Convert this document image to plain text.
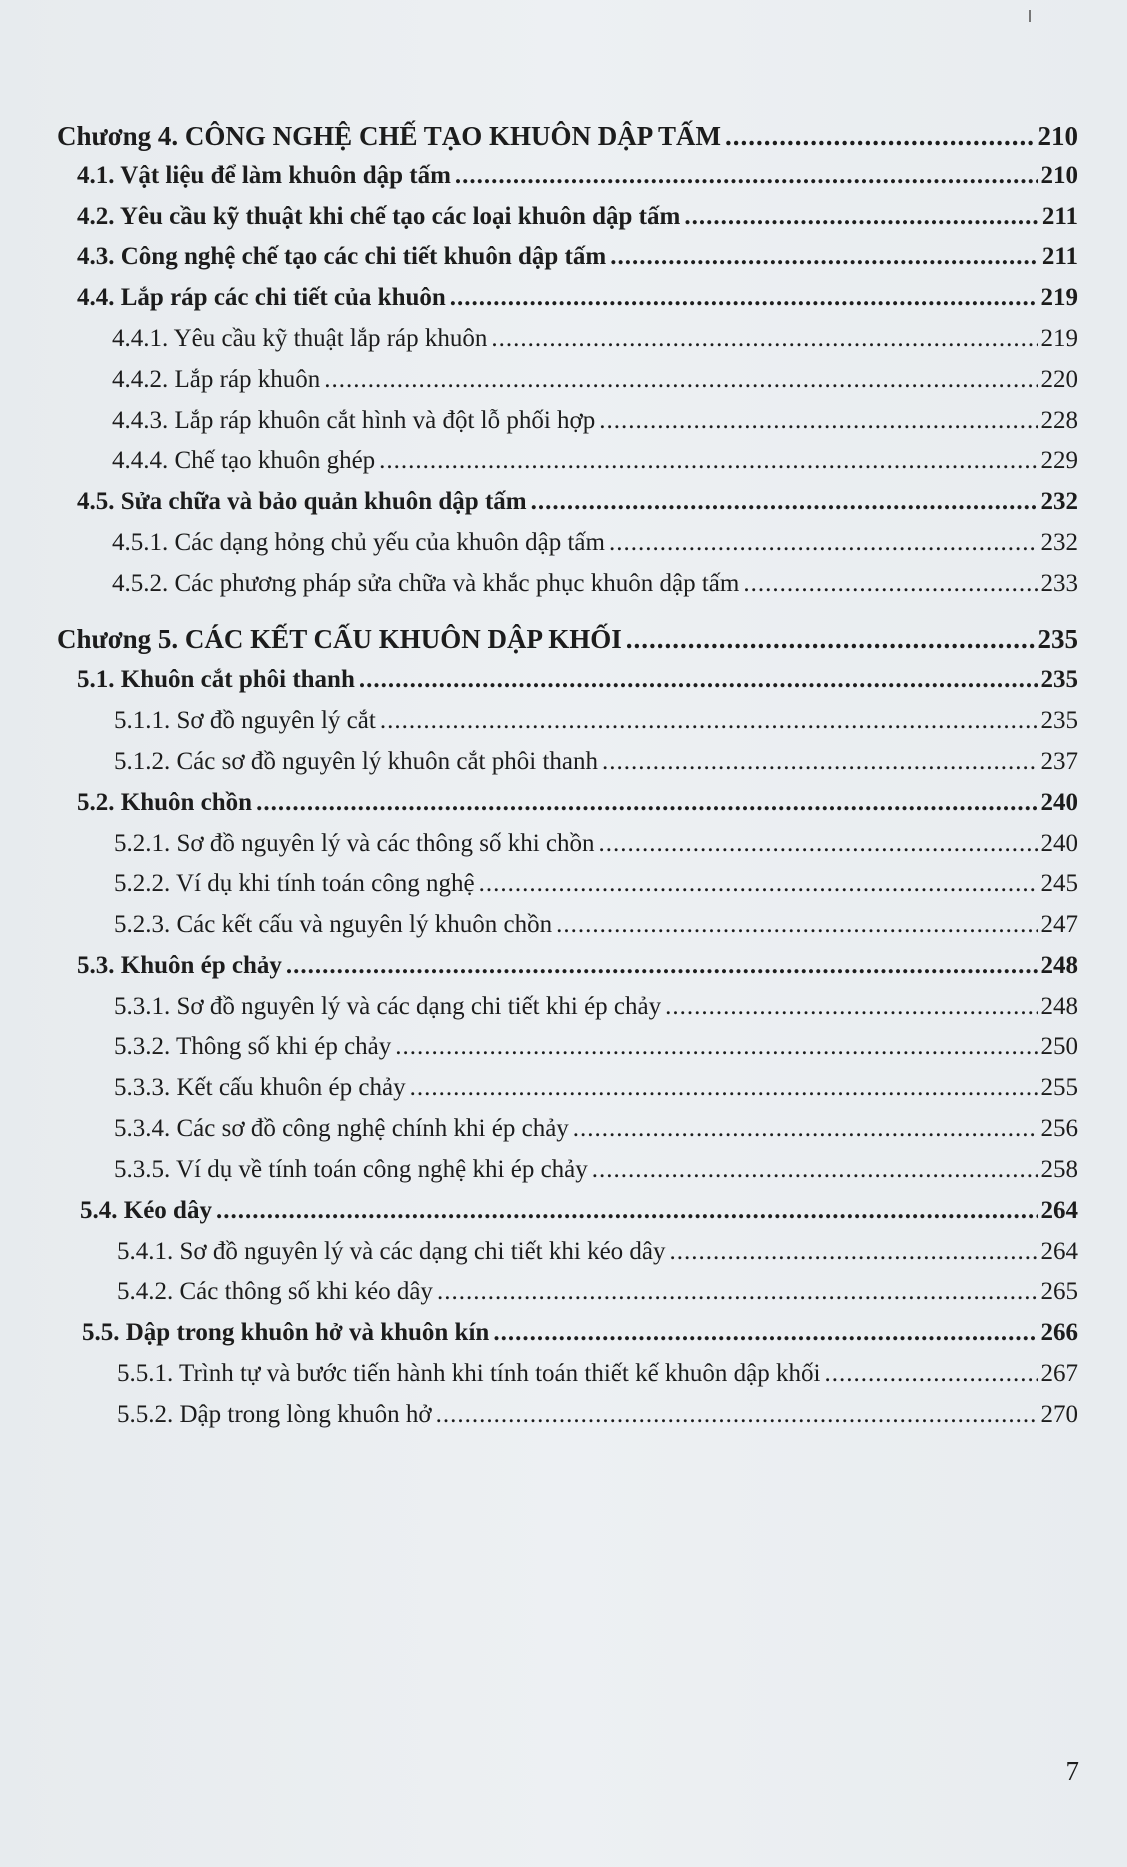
Chương 4. CÔNG NGHỆ CHẾ TẠO KHUÔN DẬP TẤM .....	210
4.1. Vật liệu để làm khuôn dập tấm .....	210
4.2. Yêu cầu kỹ thuật khi chế tạo các loại khuôn dập tấm .....	211
4.3. Công nghệ chế tạo các chi tiết khuôn dập tấm .....	211
4.4. Lắp ráp các chi tiết của khuôn .....	219
4.4.1. Yêu cầu kỹ thuật lắp ráp khuôn .....	219
4.4.2. Lắp ráp khuôn .....	220
4.4.3. Lắp ráp khuôn cắt hình và đột lỗ phối hợp .....	228
4.4.4. Chế tạo khuôn ghép .....	229
4.5. Sửa chữa và bảo quản khuôn dập tấm .....	232
4.5.1. Các dạng hỏng chủ yếu của khuôn dập tấm .....	232
4.5.2. Các phương pháp sửa chữa và khắc phục khuôn dập tấm .....	233
Chương 5. CÁC KẾT CẤU KHUÔN DẬP KHỐI .....	235
5.1. Khuôn cắt phôi thanh .....	235
5.1.1. Sơ đồ nguyên lý cắt .....	235
5.1.2. Các sơ đồ nguyên lý khuôn cắt phôi thanh .....	237
5.2. Khuôn chồn .....	240
5.2.1. Sơ đồ nguyên lý và các thông số khi chồn .....	240
5.2.2. Ví dụ khi tính toán công nghệ .....	245
5.2.3. Các kết cấu và nguyên lý khuôn chồn .....	247
5.3. Khuôn ép chảy .....	248
5.3.1. Sơ đồ nguyên lý và các dạng chi tiết khi ép chảy .....	248
5.3.2. Thông số khi ép chảy .....	250
5.3.3. Kết cấu khuôn ép chảy .....	255
5.3.4. Các sơ đồ công nghệ chính khi ép chảy .....	256
5.3.5. Ví dụ về tính toán công nghệ khi ép chảy .....	258
5.4. Kéo dây .....	264
5.4.1. Sơ đồ nguyên lý và các dạng chi tiết khi kéo dây .....	264
5.4.2. Các thông số khi kéo dây .....	265
5.5. Dập trong khuôn hở và khuôn kín .....	266
5.5.1. Trình tự và bước tiến hành khi tính toán thiết kế khuôn dập khối .....	267
5.5.2. Dập trong lòng khuôn hở .....	270
7
